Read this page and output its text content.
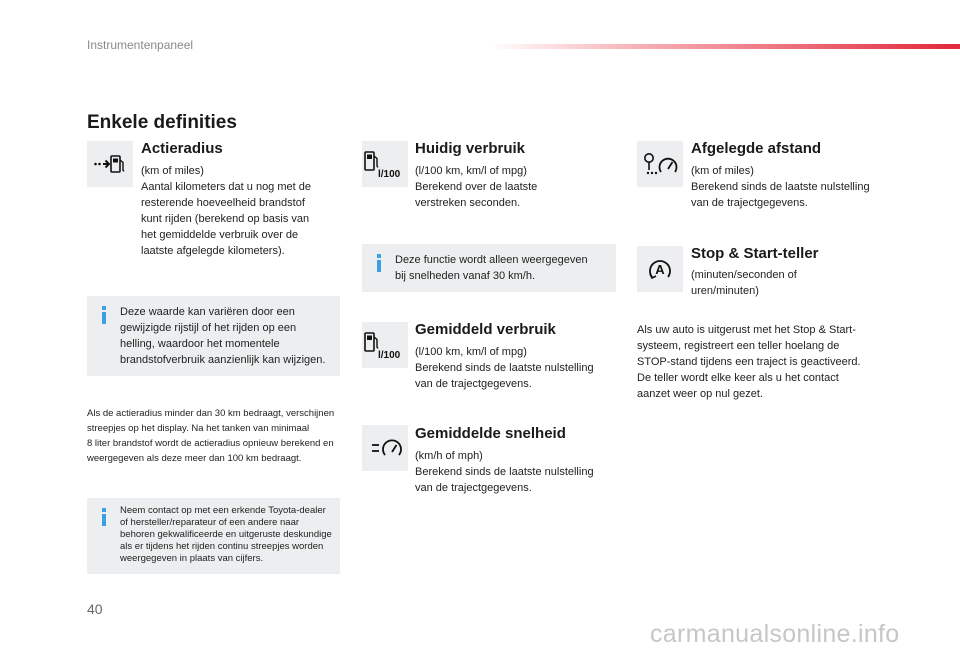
Instrumentenpaneel
Enkele definities
Actieradius
(km of miles)
Aantal kilometers dat u nog met de
resterende hoeveelheid brandstof
kunt rijden (berekend op basis van
het gemiddelde verbruik over de
laatste afgelegde kilometers).
Deze waarde kan variëren door een
gewijzigde rijstijl of het rijden op een
helling, waardoor het momentele
brandstofverbruik aanzienlijk kan wijzigen.
Als de actieradius minder dan 30 km bedraagt, verschijnen
streepjes op het display. Na het tanken van minimaal
8 liter brandstof wordt de actieradius opnieuw berekend en
weergegeven als deze meer dan 100 km bedraagt.
Neem contact op met een erkende Toyota-dealer
of hersteller/reparateur of een andere naar
behoren gekwalificeerde en uitgeruste deskundige
als er tijdens het rijden continu streepjes worden
weergegeven in plaats van cijfers.
l/100
Huidig verbruik
(l/100 km, km/l of mpg)
Berekend over de laatste
verstreken seconden.
Deze functie wordt alleen weergegeven
bij snelheden vanaf 30 km/h.
l/100
Gemiddeld verbruik
(l/100 km, km/l of mpg)
Berekend sinds de laatste nulstelling
van de trajectgegevens.
Gemiddelde snelheid
(km/h of mph)
Berekend sinds de laatste nulstelling
van de trajectgegevens.
Afgelegde afstand
(km of miles)
Berekend sinds de laatste nulstelling
van de trajectgegevens.
A
Stop & Start-teller
(minuten/seconden of
uren/minuten)
Als uw auto is uitgerust met het Stop & Start-
systeem, registreert een teller hoelang de
STOP-stand tijdens een traject is geactiveerd.
De teller wordt elke keer als u het contact
aanzet weer op nul gezet.
40
carmanualsonline.info
